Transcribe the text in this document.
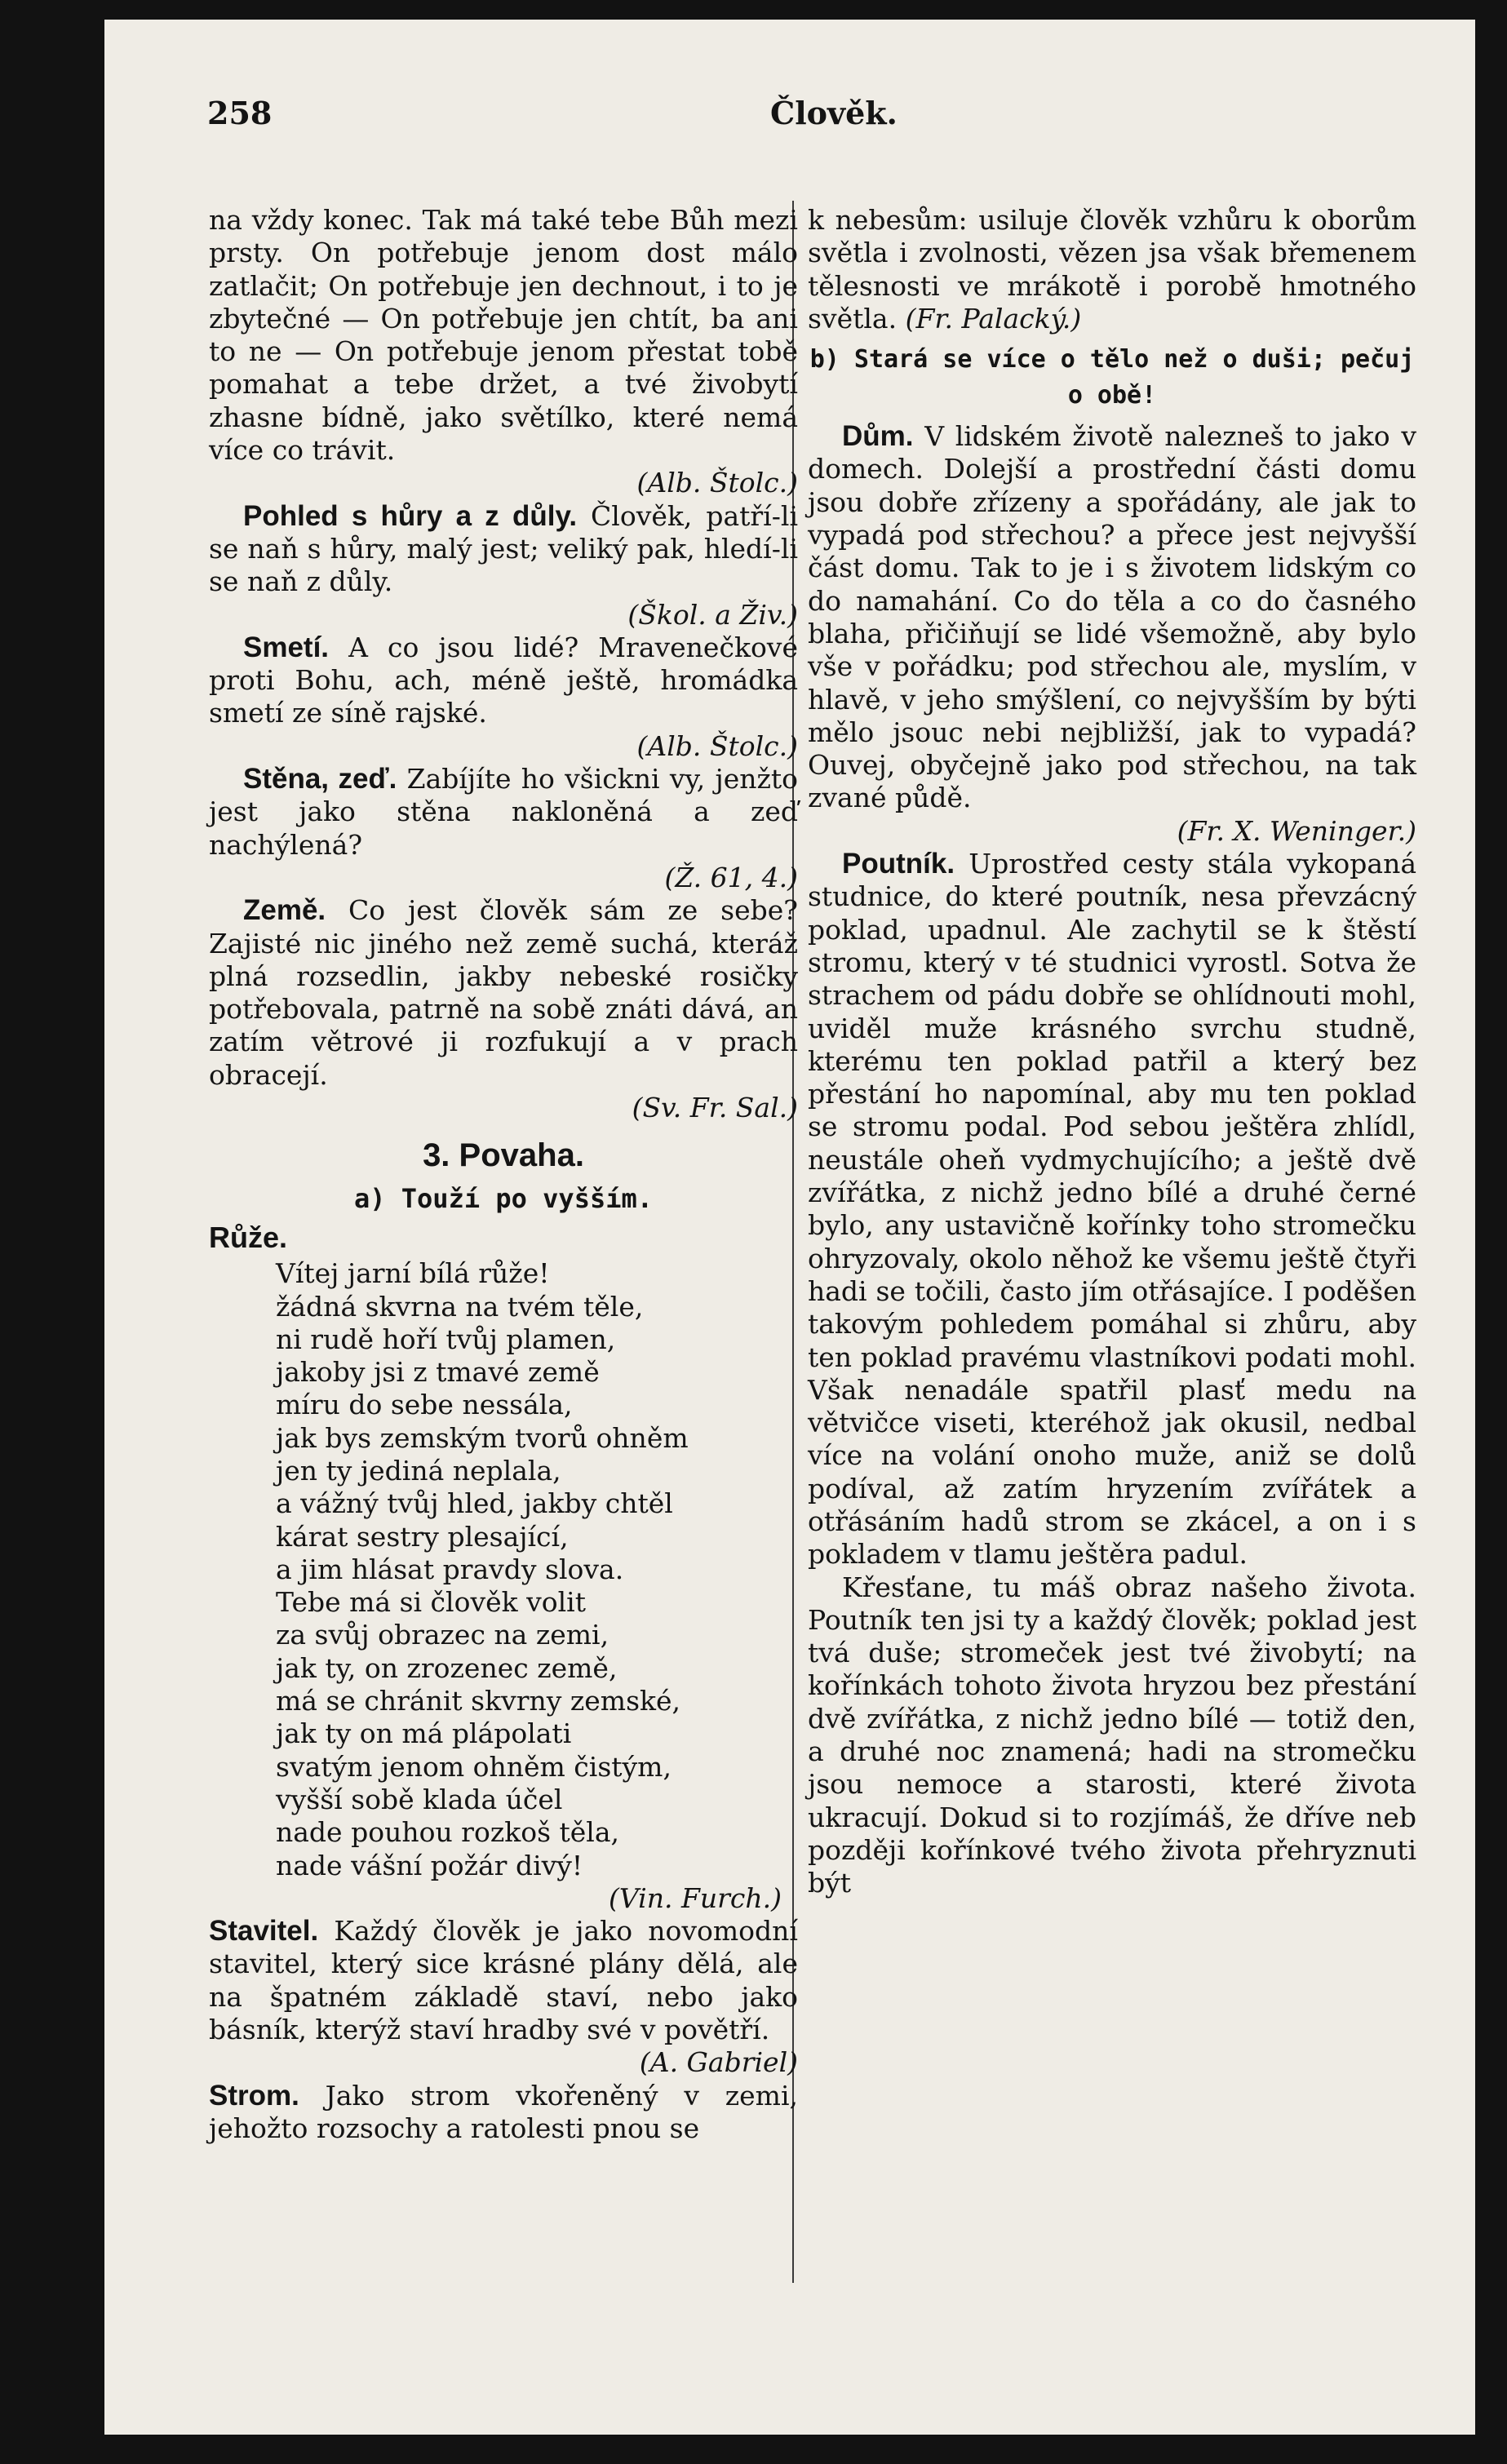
258	Člověk.

na vždy konec. Tak má také tebe Bůh mezi prsty. On potřebuje jenom dost málo zatlačit; On potřebuje jen dechnout, i to je zbytečné — On potřebuje jen chtít, ba ani to ne — On potřebuje jenom přestat tobě pomahat a tebe držet, a tvé živobytí zhasne bídně, jako světílko, které nemá více co trávit.

(Alb. Štolc.)

Pohled s hůry a z důly. Člověk, patří-li se naň s hůry, malý jest; veliký pak, hledí-li se naň z důly.

(Škol. a Živ.)

Smetí. A co jsou lidé? Mravenečkové proti Bohu, ach, méně ještě, hromádka smetí ze síně rajské.

(Alb. Štolc.)

Stěna, zeď. Zabíjíte ho všickni vy, jenžto jest jako stěna nakloněná a zeď nachýlená?

(Ž. 61, 4.)

Země. Co jest člověk sám ze sebe? Zajisté nic jiného než země suchá, kteráž plná rozsedlin, jakby nebeské rosičky potřebovala, patrně na sobě znáti dává, an zatím větrové ji rozfukují a v prach obracejí.

(Sv. Fr. Sal.)

3. Povaha.
a) Touží po vyšším.
Růže.
Vítej jarní bílá růže!
žádná skvrna na tvém těle,
ni rudě hoří tvůj plamen,
jakoby jsi z tmavé země
míru do sebe nessála,
jak bys zemským tvorů ohněm
jen ty jediná neplala,
a vážný tvůj hled, jakby chtěl
kárat sestry plesající,
a jim hlásat pravdy slova.
Tebe má si člověk volit
za svůj obrazec na zemi,
jak ty, on zrozenec země,
má se chránit skvrny zemské,
jak ty on má plápolati
svatým jenom ohněm čistým,
vyšší sobě klada účel
nade pouhou rozkoš těla,
nade vášní požár divý!

(Vin. Furch.)

Stavitel. Každý člověk je jako novomodní stavitel, který sice krásné plány dělá, ale na špatném základě staví, nebo jako básník, kterýž staví hradby své v povětří.

(A. Gabriel)

Strom. Jako strom vkořeněný v zemi, jehožto rozsochy a ratolesti pnou se

k nebesům: usiluje člověk vzhůru k oborům světla i zvolnosti, vězen jsa však břemenem tělesnosti ve mrákotě i porobě hmotného světla. (Fr. Palacký.)

b) Stará se více o tělo než o duši; pečuj o obě!

Dům. V lidském životě nalezneš to jako v domech. Dolejší a prostřední části domu jsou dobře zřízeny a spořádány, ale jak to vypadá pod střechou? a přece jest nejvyšší část domu. Tak to je i s životem lidským co do namahání. Co do těla a co do časného blaha, přičiňují se lidé všemožně, aby bylo vše v pořádku; pod střechou ale, myslím, v hlavě, v jeho smýšlení, co nejvyšším by býti mělo jsouc nebi nejbližší, jak to vypadá? Ouvej, obyčejně jako pod střechou, na tak zvané půdě.

(Fr. X. Weninger.)

Poutník. Uprostřed cesty stála vykopaná studnice, do které poutník, nesa převzácný poklad, upadnul. Ale zachytil se k štěstí stromu, který v té studnici vyrostl. Sotva že strachem od pádu dobře se ohlídnouti mohl, uviděl muže krásného svrchu studně, kterému ten poklad patřil a který bez přestání ho napomínal, aby mu ten poklad se stromu podal. Pod sebou ještěra zhlídl, neustále oheň vydmychujícího; a ještě dvě zvířátka, z nichž jedno bílé a druhé černé bylo, any ustavičně kořínky toho stromečku ohryzovaly, okolo něhož ke všemu ještě čtyři hadi se točili, často jím otřásajíce. I poděšen takovým pohledem pomáhal si zhůru, aby ten poklad pravému vlastníkovi podati mohl. Však nenadále spatřil plasť medu na větvičce viseti, kteréhož jak okusil, nedbal více na volání onoho muže, aniž se dolů podíval, až zatím hryzením zvířátek a otřásáním hadů strom se zkácel, a on i s pokladem v tlamu ještěra padul.

Křesťane, tu máš obraz našeho života. Poutník ten jsi ty a každý člověk; poklad jest tvá duše; stromeček jest tvé živobytí; na kořínkách tohoto života hryzou bez přestání dvě zvířátka, z nichž jedno bílé — totiž den, a druhé noc znamená; hadi na stromečku jsou nemoce a starosti, které života ukracují. Dokud si to rozjímáš, že dříve neb později kořínkové tvého života přehryznuti být
